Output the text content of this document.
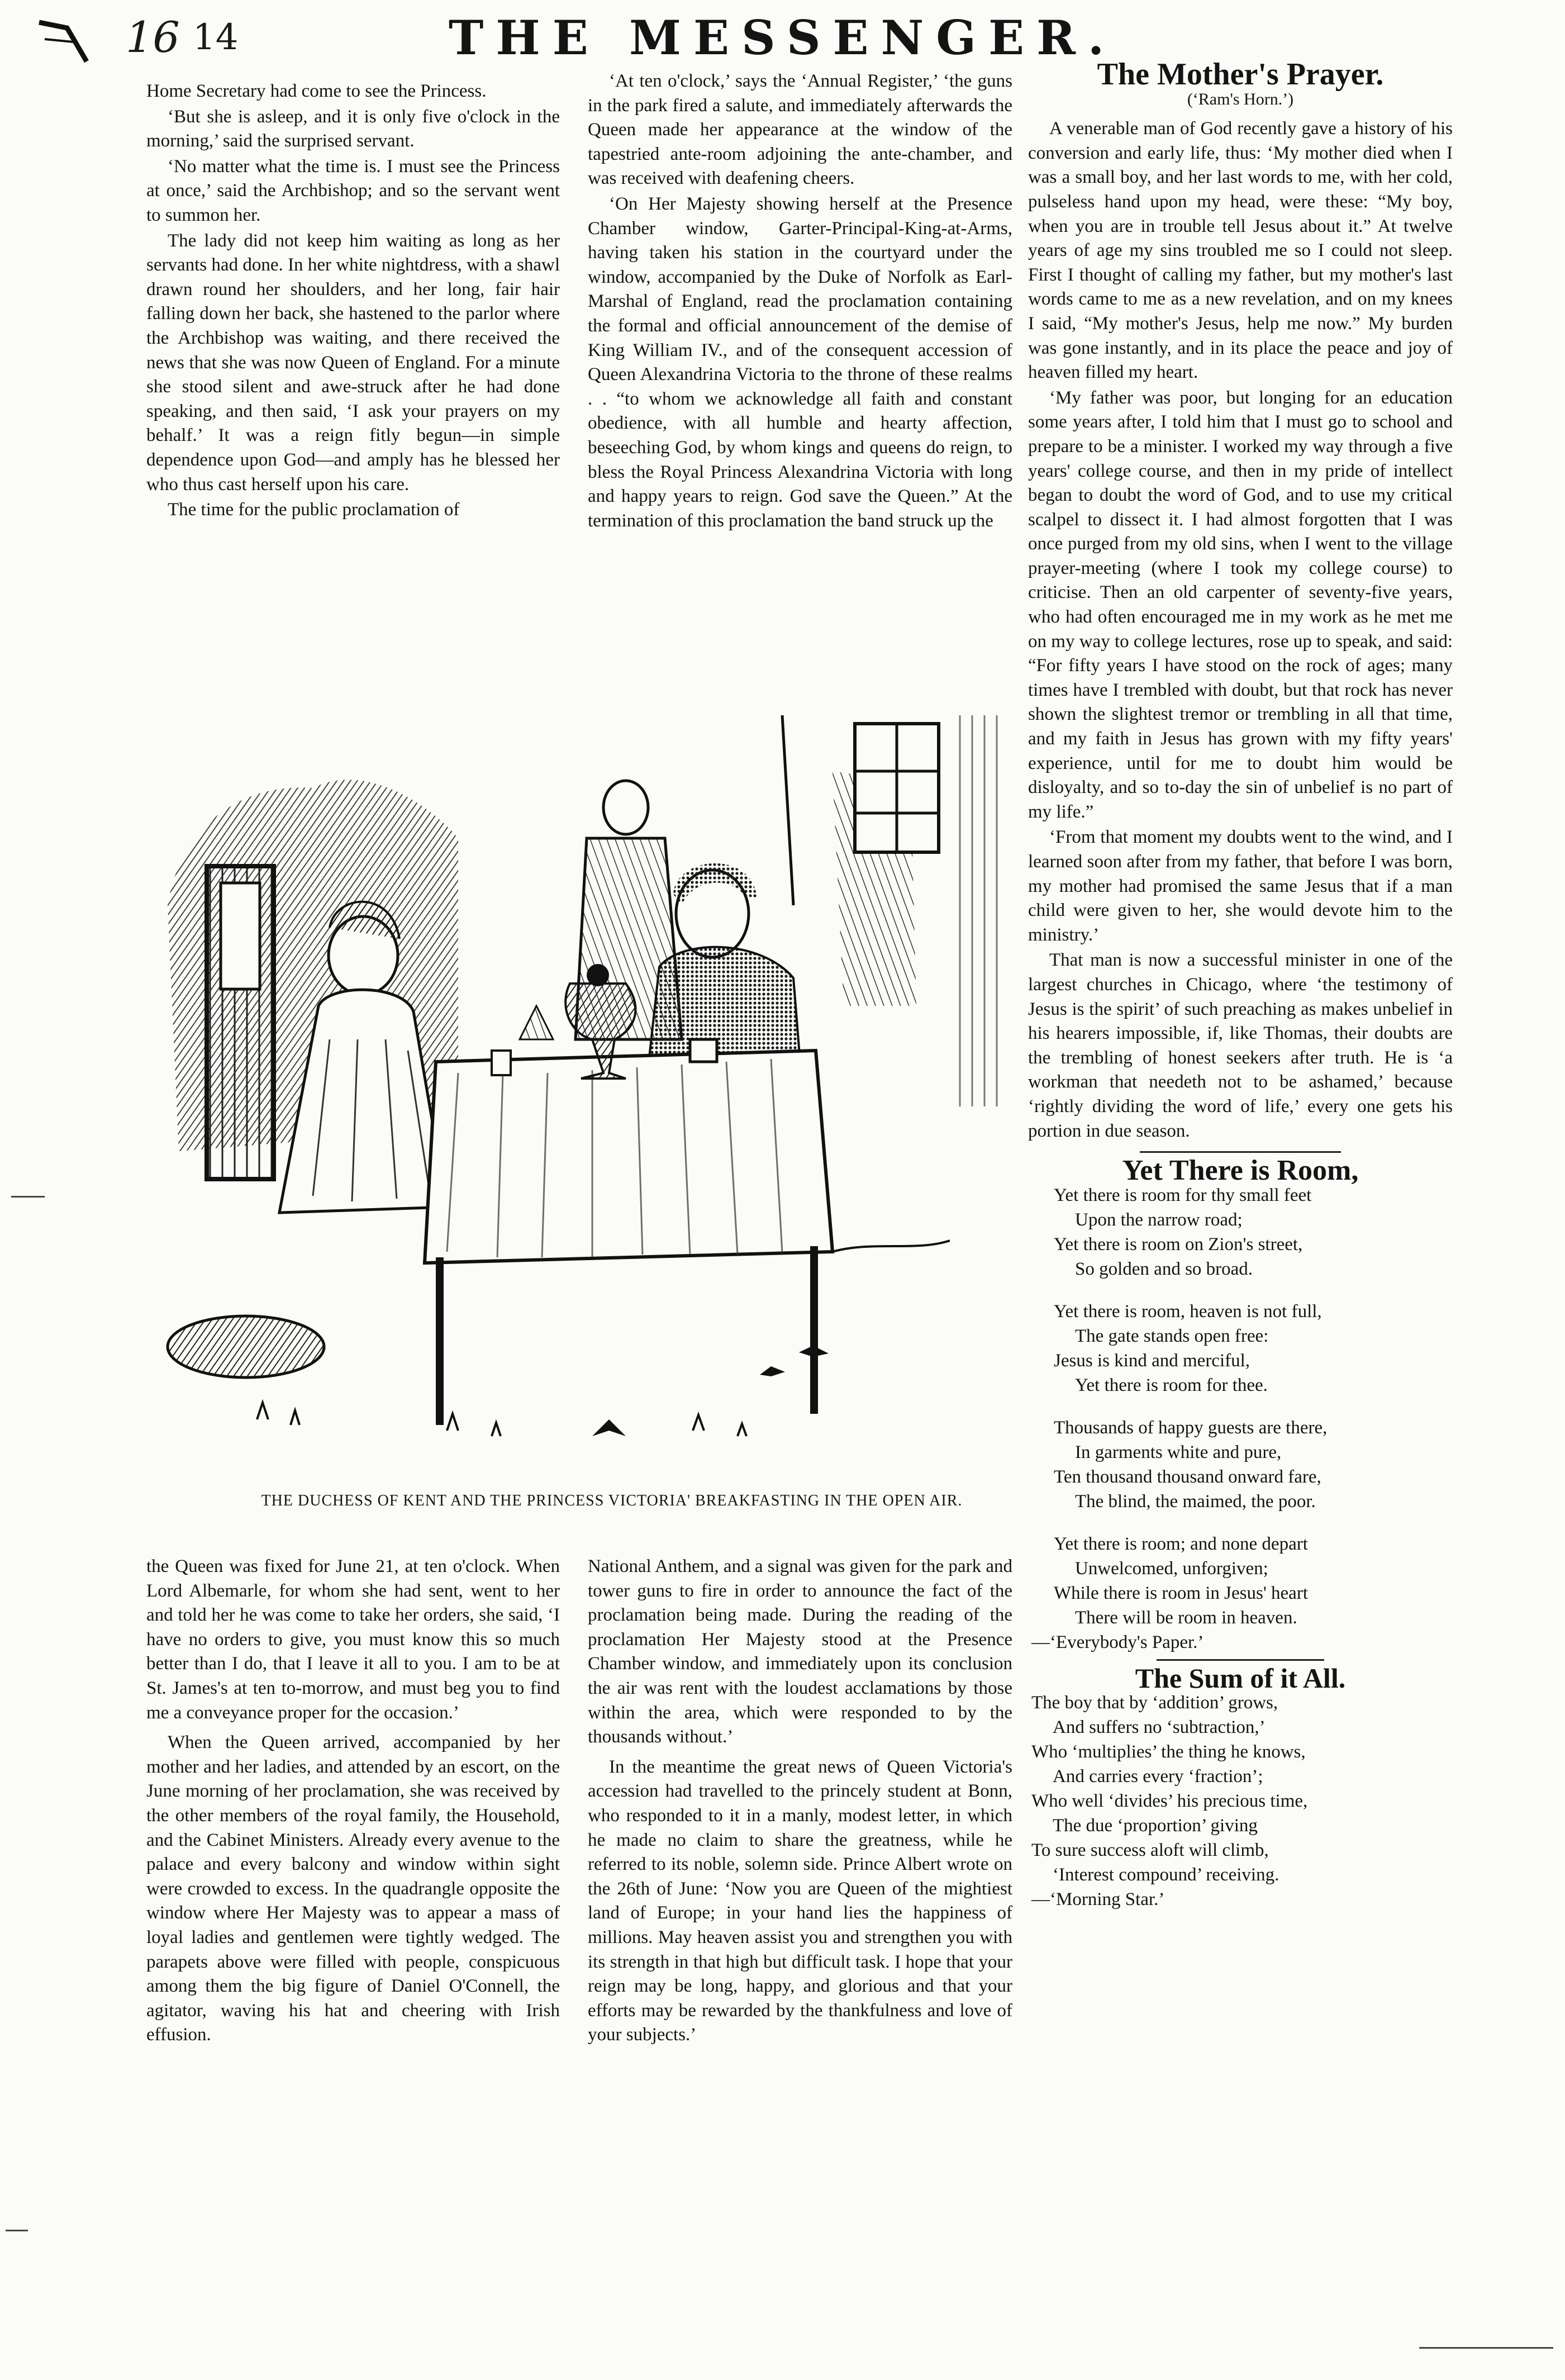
16 14	THE MESSENGER.

Home Secretary had come to see the Princess.

‘But she is asleep, and it is only five o'clock in the morning,’ said the surprised servant.

‘No matter what the time is. I must see the Princess at once,’ said the Archbishop; and so the servant went to summon her.

The lady did not keep him waiting as long as her servants had done. In her white nightdress, with a shawl drawn round her shoulders, and her long, fair hair falling down her back, she hastened to the parlor where the Archbishop was waiting, and there received the news that she was now Queen of England. For a minute she stood silent and awe-struck after he had done speaking, and then said, ‘I ask your prayers on my behalf.’ It was a reign fitly begun—in simple dependence upon God—and amply has he blessed her who thus cast herself upon his care.

The time for the public proclamation of

‘At ten o'clock,’ says the ‘Annual Register,’ ‘the guns in the park fired a salute, and immediately afterwards the Queen made her appearance at the window of the tapestried ante-room adjoining the ante-chamber, and was received with deafening cheers.

‘On Her Majesty showing herself at the Presence Chamber window, Garter-Principal-King-at-Arms, having taken his station in the courtyard under the window, accompanied by the Duke of Norfolk as Earl-Marshal of England, read the proclamation containing the formal and official announcement of the demise of King William IV., and of the consequent accession of Queen Alexandrina Victoria to the throne of these realms . . “to whom we acknowledge all faith and constant obedience, with all humble and hearty affection, beseeching God, by whom kings and queens do reign, to bless the Royal Princess Alexandrina Victoria with long and happy years to reign. God save the Queen.” At the termination of this proclamation the band struck up the

THE DUCHESS OF KENT AND THE PRINCESS VICTORIA' BREAKFASTING IN THE OPEN AIR.

the Queen was fixed for June 21, at ten o'clock. When Lord Albemarle, for whom she had sent, went to her and told her he was come to take her orders, she said, ‘I have no orders to give, you must know this so much better than I do, that I leave it all to you. I am to be at St. James's at ten to-morrow, and must beg you to find me a conveyance proper for the occasion.’

When the Queen arrived, accompanied by her mother and her ladies, and attended by an escort, on the June morning of her proclamation, she was received by the other members of the royal family, the Household, and the Cabinet Ministers. Already every avenue to the palace and every balcony and window within sight were crowded to excess. In the quadrangle opposite the window where Her Majesty was to appear a mass of loyal ladies and gentlemen were tightly wedged. The parapets above were filled with people, conspicuous among them the big figure of Daniel O'Connell, the agitator, waving his hat and cheering with Irish effusion.

National Anthem, and a signal was given for the park and tower guns to fire in order to announce the fact of the proclamation being made. During the reading of the proclamation Her Majesty stood at the Presence Chamber window, and immediately upon its conclusion the air was rent with the loudest acclamations by those within the area, which were responded to by the thousands without.’

In the meantime the great news of Queen Victoria's accession had travelled to the princely student at Bonn, who responded to it in a manly, modest letter, in which he made no claim to share the greatness, while he referred to its noble, solemn side. Prince Albert wrote on the 26th of June: ‘Now you are Queen of the mightiest land of Europe; in your hand lies the happiness of millions. May heaven assist you and strengthen you with its strength in that high but difficult task. I hope that your reign may be long, happy, and glorious and that your efforts may be rewarded by the thankfulness and love of your subjects.’

The Mother's Prayer.
(‘Ram's Horn.’)

A venerable man of God recently gave a history of his conversion and early life, thus: ‘My mother died when I was a small boy, and her last words to me, with her cold, pulseless hand upon my head, were these: “My boy, when you are in trouble tell Jesus about it.” At twelve years of age my sins troubled me so I could not sleep. First I thought of calling my father, but my mother's last words came to me as a new revelation, and on my knees I said, “My mother's Jesus, help me now.” My burden was gone instantly, and in its place the peace and joy of heaven filled my heart.

‘My father was poor, but longing for an education some years after, I told him that I must go to school and prepare to be a minister. I worked my way through a five years' college course, and then in my pride of intellect began to doubt the word of God, and to use my critical scalpel to dissect it. I had almost forgotten that I was once purged from my old sins, when I went to the village prayer-meeting (where I took my college course) to criticise. Then an old carpenter of seventy-five years, who had often encouraged me in my work as he met me on my way to college lectures, rose up to speak, and said: “For fifty years I have stood on the rock of ages; many times have I trembled with doubt, but that rock has never shown the slightest tremor or trembling in all that time, and my faith in Jesus has grown with my fifty years' experience, until for me to doubt him would be disloyalty, and so to-day the sin of unbelief is no part of my life.”

‘From that moment my doubts went to the wind, and I learned soon after from my father, that before I was born, my mother had promised the same Jesus that if a man child were given to her, she would devote him to the ministry.’

That man is now a successful minister in one of the largest churches in Chicago, where ‘the testimony of Jesus is the spirit’ of such preaching as makes unbelief in his hearers impossible, if, like Thomas, their doubts are the trembling of honest seekers after truth. He is ‘a workman that needeth not to be ashamed,’ because ‘rightly dividing the word of life,’ every one gets his portion in due season.

Yet There is Room,
Yet there is room for thy small feet
Upon the narrow road;
Yet there is room on Zion's street,
So golden and so broad.
Yet there is room, heaven is not full,
The gate stands open free:
Jesus is kind and merciful,
Yet there is room for thee.
Thousands of happy guests are there,
In garments white and pure,
Ten thousand thousand onward fare,
The blind, the maimed, the poor.
Yet there is room; and none depart
Unwelcomed, unforgiven;
While there is room in Jesus' heart
There will be room in heaven.
—‘Everybody's Paper.’
The Sum of it All.
The boy that by ‘addition’ grows,
And suffers no ‘subtraction,’
Who ‘multiplies’ the thing he knows,
And carries every ‘fraction’;
Who well ‘divides’ his precious time,
The due ‘proportion’ giving
To sure success aloft will climb,
‘Interest compound’ receiving.
—‘Morning Star.’
